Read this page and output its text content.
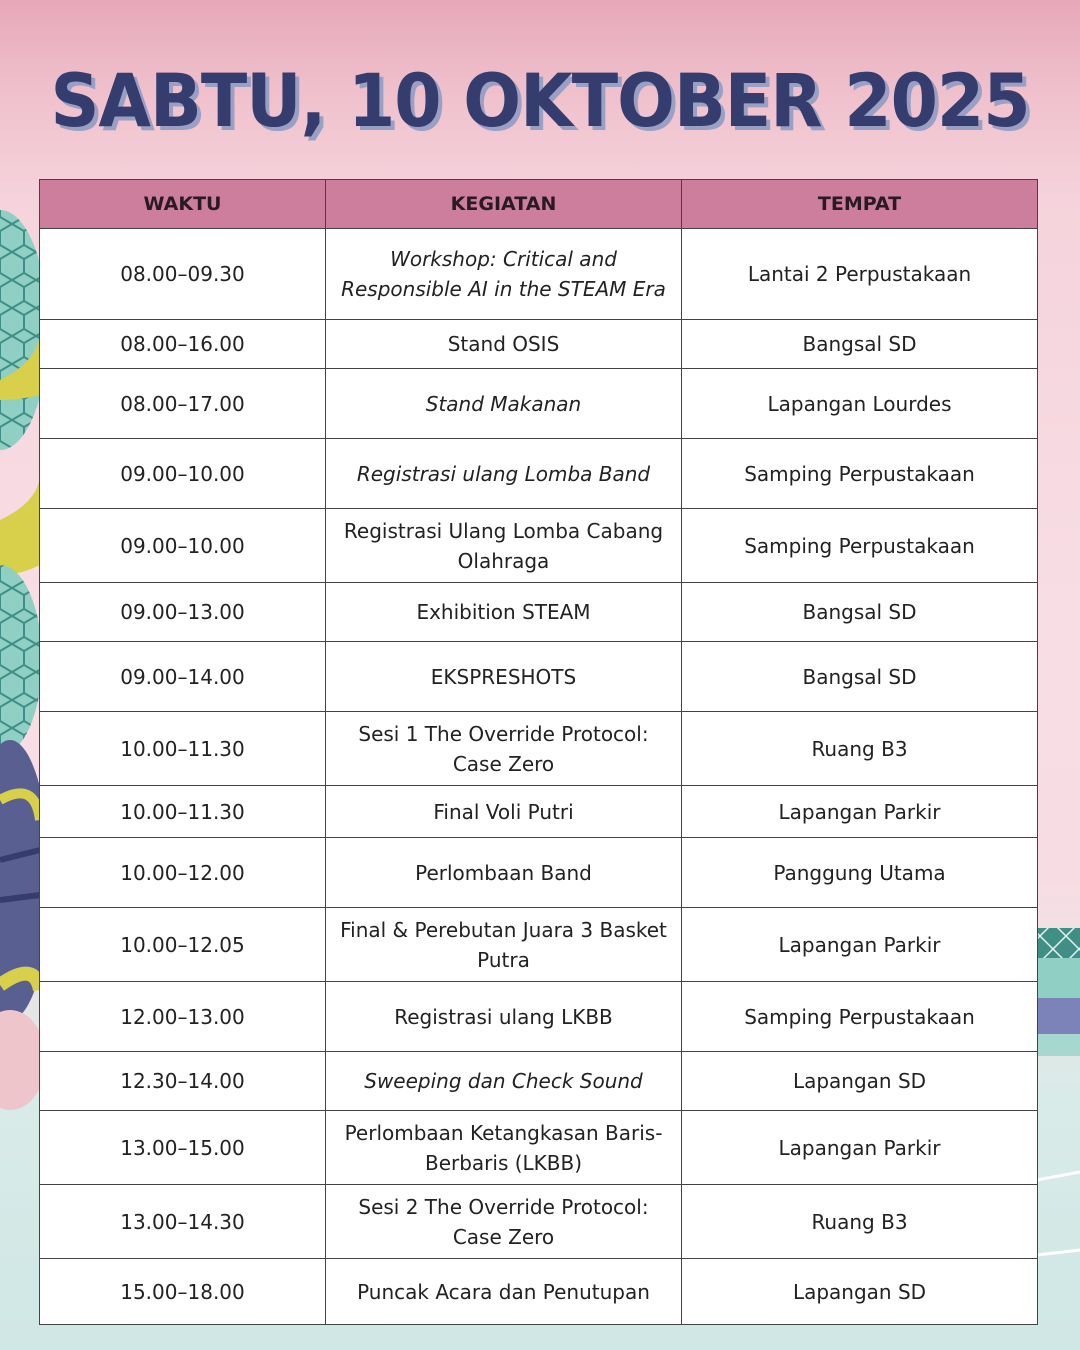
SABTU, 10 OKTOBER 2025
WAKTU	KEGIATAN	TEMPAT
08.00–09.30	Workshop: Critical and Responsible AI in the STEAM Era	Lantai 2 Perpustakaan
08.00–16.00	Stand OSIS	Bangsal SD
08.00–17.00	Stand Makanan	Lapangan Lourdes
09.00–10.00	Registrasi ulang Lomba Band	Samping Perpustakaan
09.00–10.00	Registrasi Ulang Lomba Cabang Olahraga	Samping Perpustakaan
09.00–13.00	Exhibition STEAM	Bangsal SD
09.00–14.00	EKSPRESHOTS	Bangsal SD
10.00–11.30	Sesi 1 The Override Protocol: Case Zero	Ruang B3
10.00–11.30	Final Voli Putri	Lapangan Parkir
10.00–12.00	Perlombaan Band	Panggung Utama
10.00–12.05	Final & Perebutan Juara 3 Basket Putra	Lapangan Parkir
12.00–13.00	Registrasi ulang LKBB	Samping Perpustakaan
12.30–14.00	Sweeping dan Check Sound	Lapangan SD
13.00–15.00	Perlombaan Ketangkasan Baris-Berbaris (LKBB)	Lapangan Parkir
13.00–14.30	Sesi 2 The Override Protocol: Case Zero	Ruang B3
15.00–18.00	Puncak Acara dan Penutupan	Lapangan SD
